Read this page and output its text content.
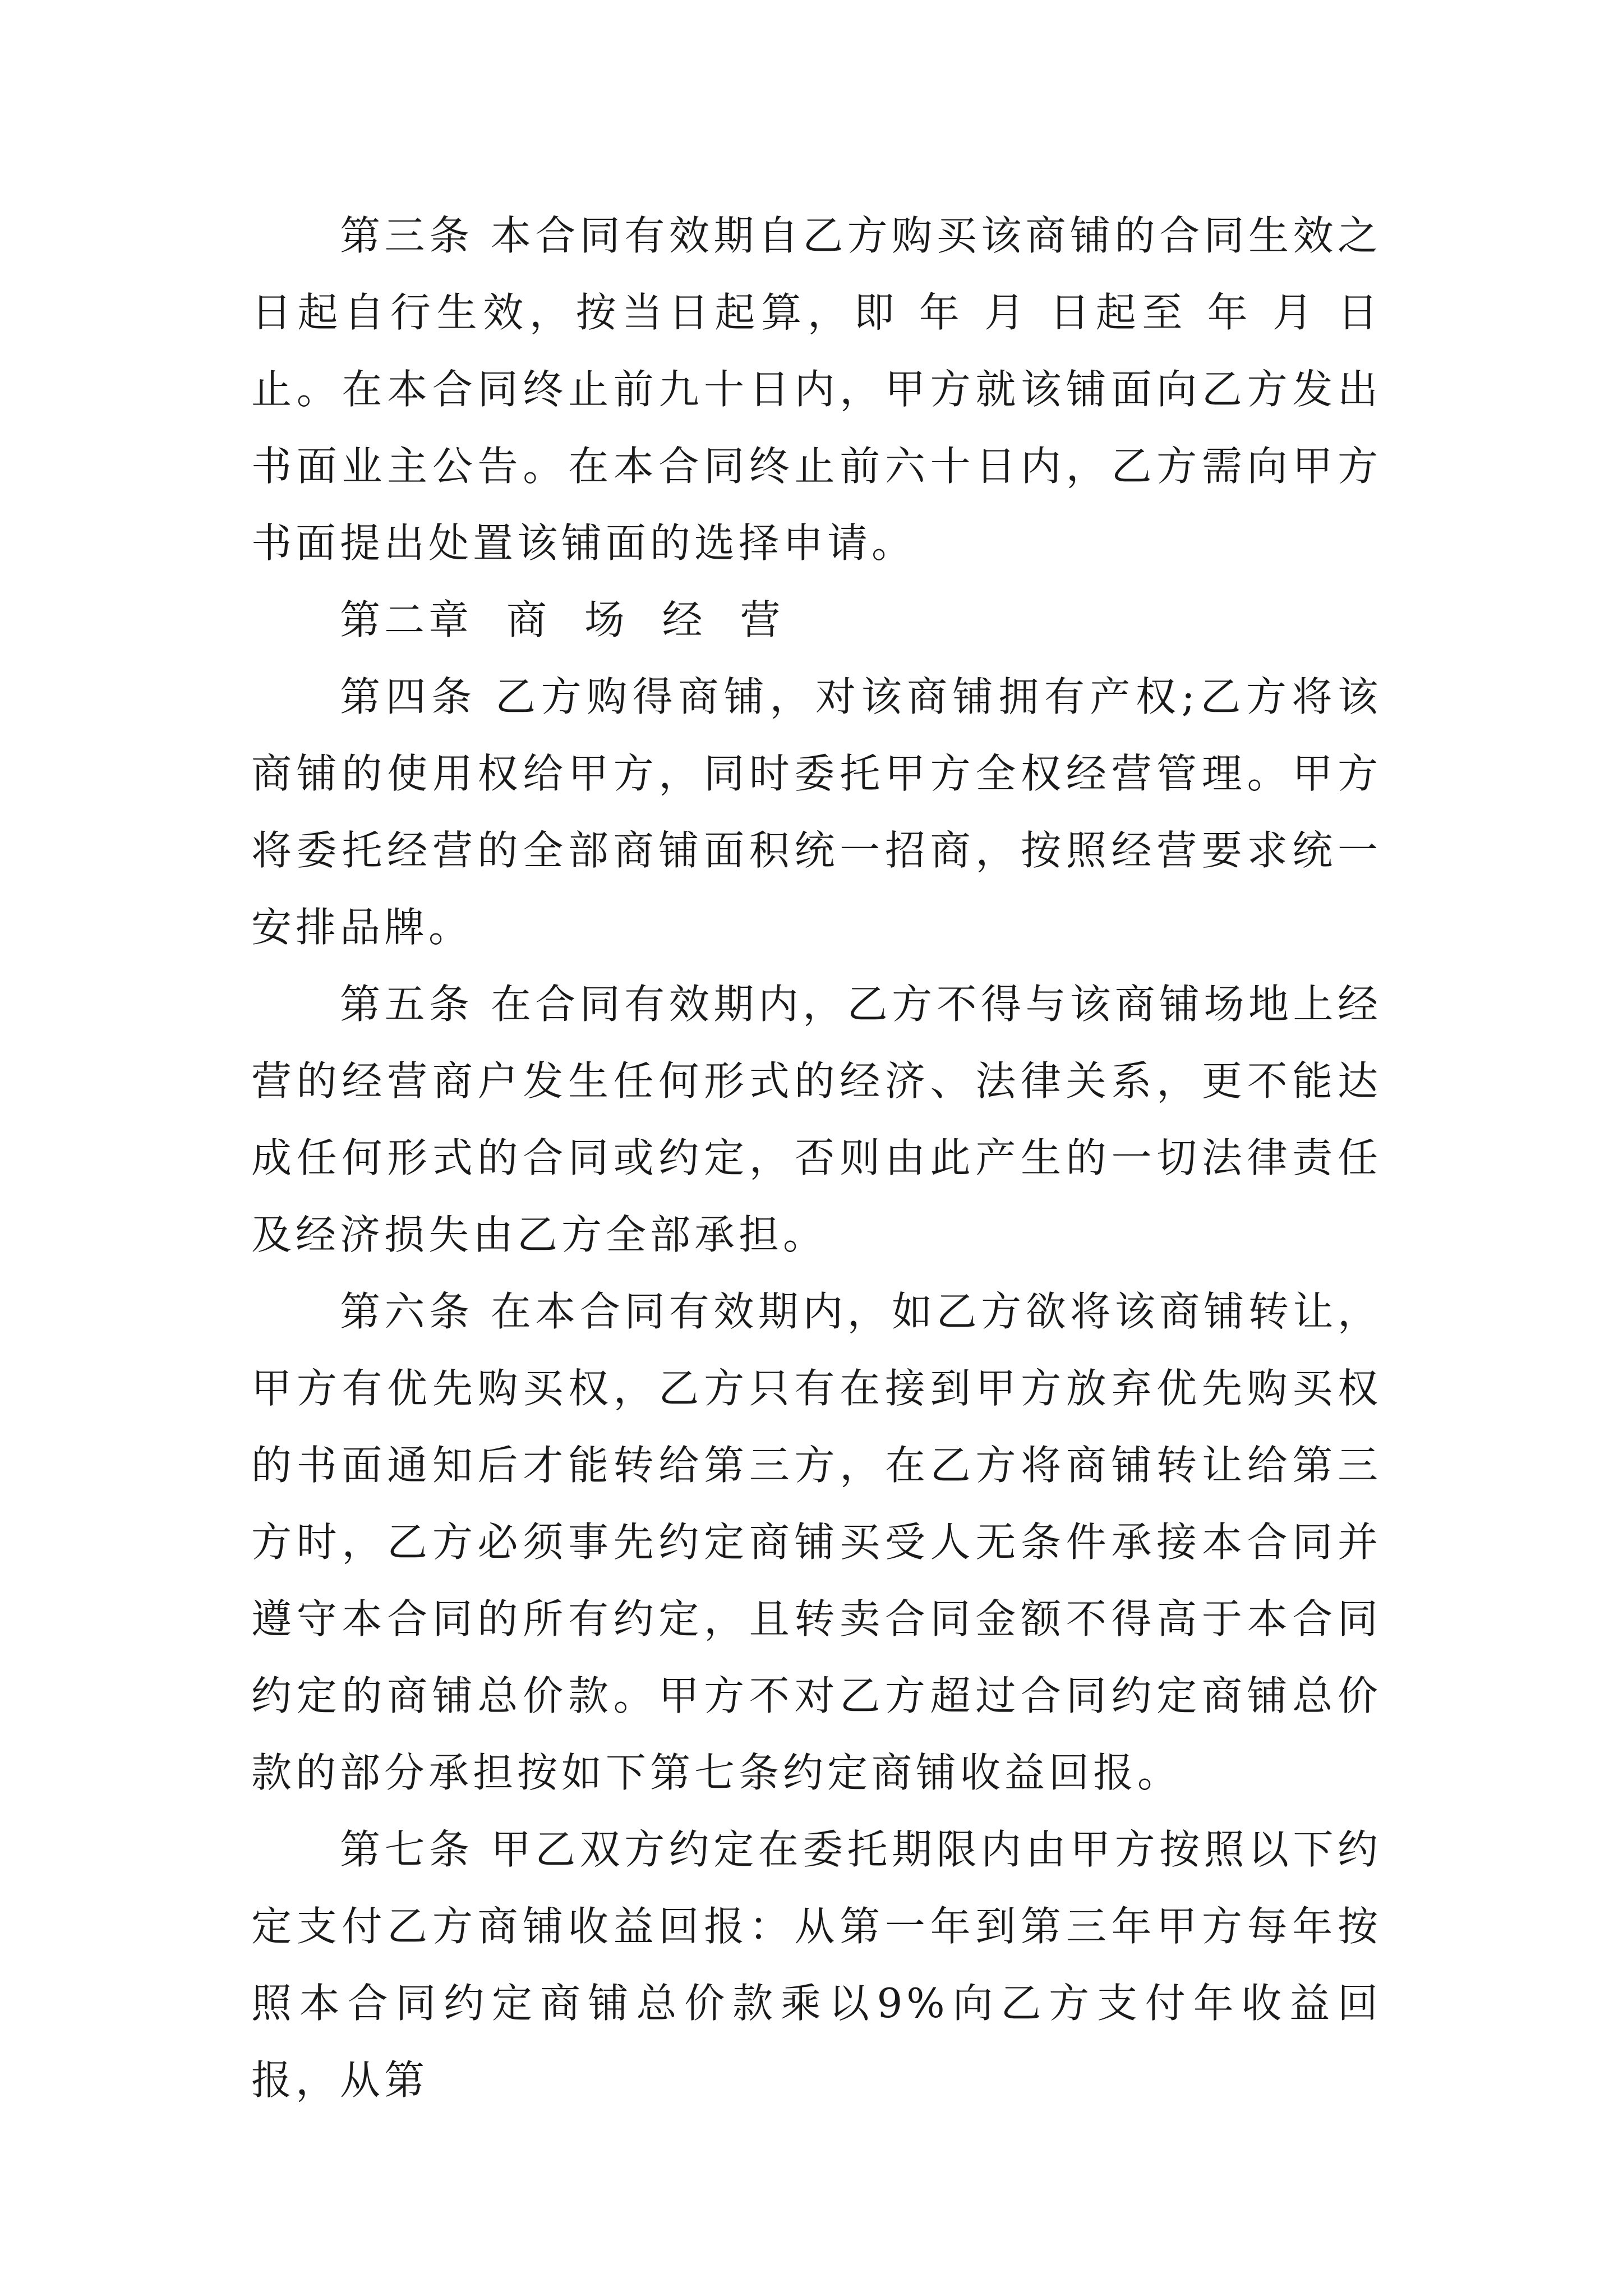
第三条 本合同有效期自乙方购买该商铺的合同生效之日起自行生效，按当日起算，即 年 月 日起至 年 月 日止。在本合同终止前九十日内，甲方就该铺面向乙方发出书面业主公告。在本合同终止前六十日内，乙方需向甲方书面提出处置该铺面的选择申请。

第二章 商 场 经 营

第四条 乙方购得商铺，对该商铺拥有产权;乙方将该商铺的使用权给甲方，同时委托甲方全权经营管理。甲方将委托经营的全部商铺面积统一招商，按照经营要求统一安排品牌。

第五条 在合同有效期内，乙方不得与该商铺场地上经营的经营商户发生任何形式的经济、法律关系，更不能达成任何形式的合同或约定，否则由此产生的一切法律责任及经济损失由乙方全部承担。

第六条 在本合同有效期内，如乙方欲将该商铺转让，甲方有优先购买权，乙方只有在接到甲方放弃优先购买权的书面通知后才能转给第三方，在乙方将商铺转让给第三方时，乙方必须事先约定商铺买受人无条件承接本合同并遵守本合同的所有约定，且转卖合同金额不得高于本合同约定的商铺总价款。甲方不对乙方超过合同约定商铺总价款的部分承担按如下第七条约定商铺收益回报。

第七条 甲乙双方约定在委托期限内由甲方按照以下约定支付乙方商铺收益回报：从第一年到第三年甲方每年按照本合同约定商铺总价款乘以9%向乙方支付年收益回报，从第
